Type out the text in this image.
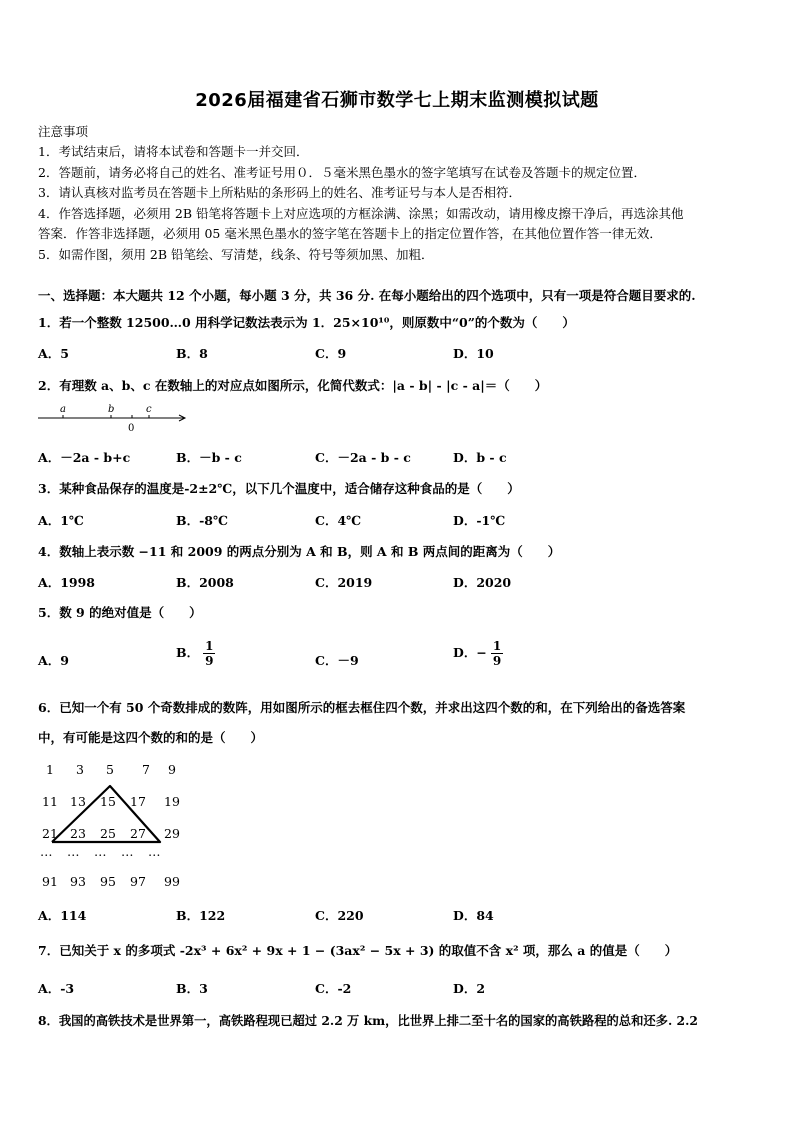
2026届福建省石狮市数学七上期末监测模拟试题
注意事项
1．考试结束后，请将本试卷和答题卡一并交回．
2．答题前，请务必将自己的姓名、准考证号用０．５毫米黑色墨水的签字笔填写在试卷及答题卡的规定位置．
3．请认真核对监考员在答题卡上所粘贴的条形码上的姓名、准考证号与本人是否相符．
4．作答选择题，必须用 2B 铅笔将答题卡上对应选项的方框涂满、涂黑；如需改动，请用橡皮擦干净后，再选涂其他
答案．作答非选择题，必须用 05 毫米黑色墨水的签字笔在答题卡上的指定位置作答，在其他位置作答一律无效．
5．如需作图，须用 2B 铅笔绘、写清楚，线条、符号等须加黑、加粗．
一、选择题：本大题共 12 个小题，每小题 3 分，共 36 分. 在每小题给出的四个选项中，只有一项是符合题目要求的.
1．若一个整数 12500…0 用科学记数法表示为 1．25×10¹⁰，则原数中“0”的个数为（　　）
A．5	B．8	C．9	D．10
2．有理数 a、b、c 在数轴上的对应点如图所示，化简代数式：|a - b| - |c - a|＝（　　）
a	b	c
0
A．－2a - b+c	B．－b - c	C．－2a - b - c	D．b - c
3．某种食品保存的温度是-2±2℃，以下几个温度中，适合储存这种食品的是（　　）
A．1℃	B．-8℃	C．4℃	D．-1℃
4．数轴上表示数 −11 和 2009 的两点分别为 A 和 B，则 A 和 B 两点间的距离为（　　）
A．1998	B．2008	C．2019	D．2020
5．数 9 的绝对值是（　　）
A．9
B． $\frac{1}{9}$	C．－9
D．− $\frac{1}{9}$
6．已知一个有 50 个奇数排成的数阵，用如图所示的框去框住四个数，并求出这四个数的和，在下列给出的备选答案
中，有可能是这四个数的和的是（　　）
1	3	5	7	9
11 13	15	17	19
21 23	25	27	29
…　…　…　…　…
91 93	95	97	99
A．114	B．122	C．220	D．84
7．已知关于 x 的多项式 -2x³ + 6x² + 9x + 1 − (3ax² − 5x + 3) 的取值不含 x² 项，那么 a 的值是（　　）
A．-3	B．3	C．-2	D．2
8．我国的高铁技术是世界第一，高铁路程现已超过 2.2 万 km，比世界上排二至十名的国家的高铁路程的总和还多. 2.2
